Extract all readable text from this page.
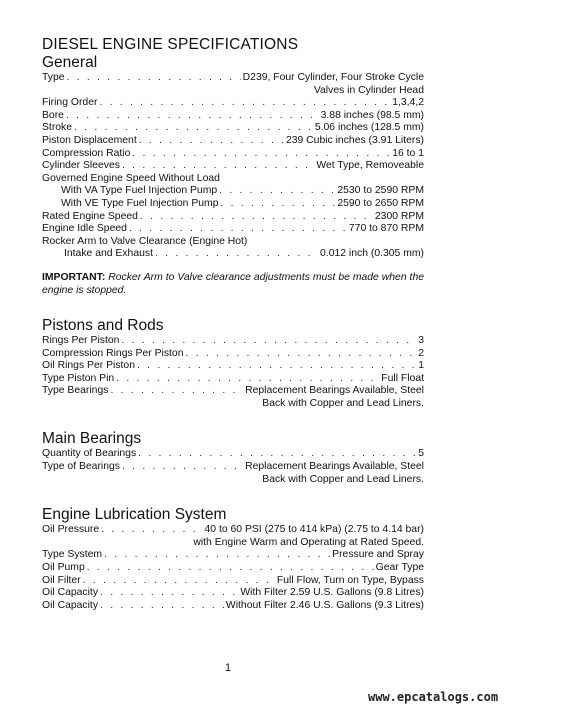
DIESEL ENGINE SPECIFICATIONS
General
Type . . .	D239, Four Cylinder, Four Stroke Cycle
Valves in Cylinder Head
Firing Order . . .	1,3,4,2
Bore . . .	3.88 inches (98.5 mm)
Stroke . . .	5.06 inches (128.5 mm)
Piston Displacement . . .	239 Cubic inches (3.91 Liters)
Compression Ratio . . .	16 to 1
Cylinder Sleeves . . .	Wet Type, Removeable
Governed Engine Speed Without Load
With VA Type Fuel Injection Pump . . .	2530 to 2590 RPM
With VE Type Fuel Injection Pump . . .	2590 to 2650 RPM
Rated Engine Speed . . .	2300 RPM
Engine Idle Speed . . .	770 to 870 RPM
Rocker Arm to Valve Clearance (Engine Hot)
Intake and Exhaust . . .	0.012 inch (0.305 mm)
IMPORTANT: Rocker Arm to Valve clearance adjustments must be made when the engine is stopped.
Pistons and Rods
Rings Per Piston . . .	3
Compression Rings Per Piston . . .	2
Oil Rings Per Piston . . .	1
Type Piston Pin . . .	Full Float
Type Bearings . . .	Replacement Bearings Available, Steel
Back with Copper and Lead Liners.
Main Bearings
Quantity of Bearings . . .	5
Type of Bearings . . .	Replacement Bearings Available, Steel
Back with Copper and Lead Liners.
Engine Lubrication System
Oil Pressure . . .	40 to 60 PSI (275 to 414 kPa) (2.75 to 4.14 bar)
with Engine Warm and Operating at Rated Speed.
Type System . . .	Pressure and Spray
Oil Pump . . .	Gear Type
Oil Filter . . .	Full Flow, Turn on Type, Bypass
Oil Capacity . . .	With Filter 2.59 U.S. Gallons (9.8 Litres)
Oil Capacity . . .	Without Filter 2.46 U.S. Gallons (9.3 Litres)
1
www.epcatalogs.com
